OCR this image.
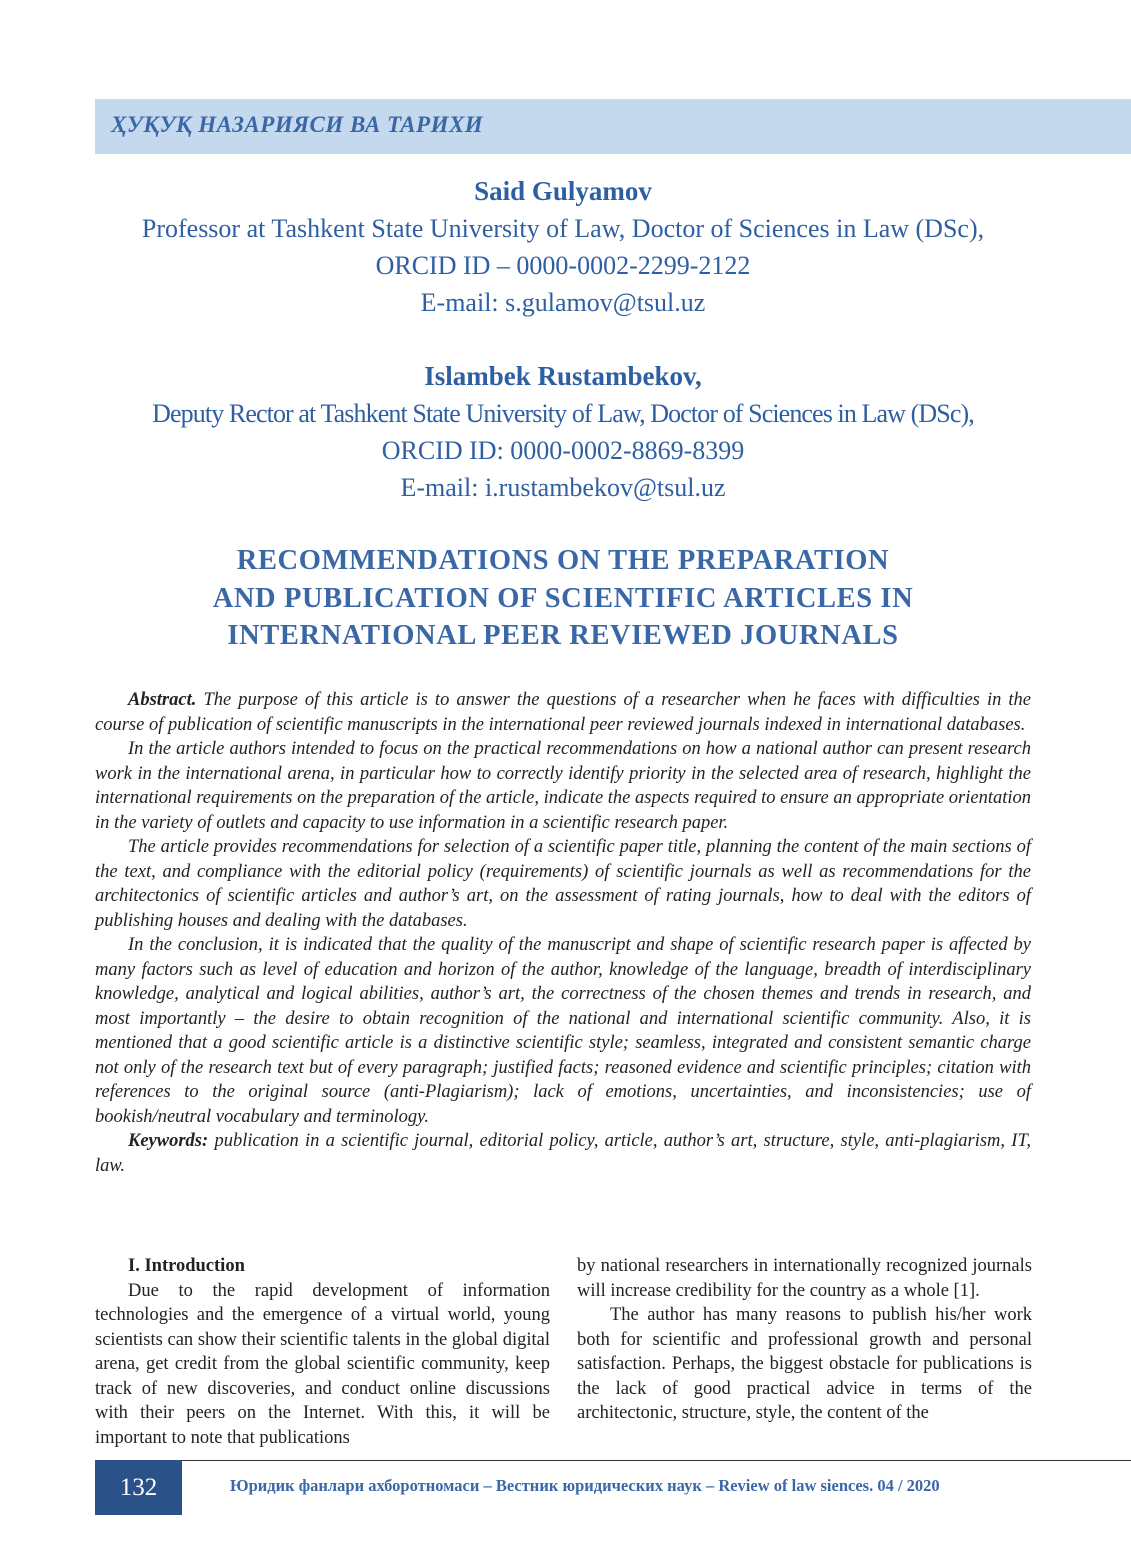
ҲУҚУҚ НАЗАРИЯСИ ВА ТАРИХИ
Said Gulyamov
Professor at Tashkent State University of Law, Doctor of Sciences in Law (DSc),
ORCID ID – 0000-0002-2299-2122
E-mail: s.gulamov@tsul.uz
Islambek Rustambekov,
Deputy Rector at Tashkent State University of Law, Doctor of Sciences in Law (DSc),
ORCID ID: 0000-0002-8869-8399
E-mail: i.rustambekov@tsul.uz
RECOMMENDATIONS ON THE PREPARATION
AND PUBLICATION OF SCIENTIFIC ARTICLES IN
INTERNATIONAL PEER REVIEWED JOURNALS

Abstract. The purpose of this article is to answer the questions of a researcher when he faces with difficulties in the course of publication of scientific manuscripts in the international peer reviewed journals indexed in international databases.

In the article authors intended to focus on the practical recommendations on how a national author can present research work in the international arena, in particular how to correctly identify priority in the selected area of research, highlight the international requirements on the preparation of the article, indicate the aspects required to ensure an appropriate orientation in the variety of outlets and capacity to use information in a scientific research paper.

The article provides recommendations for selection of a scientific paper title, planning the content of the main sections of the text, and compliance with the editorial policy (requirements) of scientific journals as well as recommendations for the architectonics of scientific articles and author’s art, on the assessment of rating journals, how to deal with the editors of publishing houses and dealing with the databases.

In the conclusion, it is indicated that the quality of the manuscript and shape of scientific research paper is affected by many factors such as level of education and horizon of the author, knowledge of the language, breadth of interdisciplinary knowledge, analytical and logical abilities, author’s art, the correctness of the chosen themes and trends in research, and most importantly – the desire to obtain recognition of the national and international scientific community. Also, it is mentioned that a good scientific article is a distinctive scientific style; seamless, integrated and consistent semantic charge not only of the research text but of every paragraph; justified facts; reasoned evidence and scientific principles; citation with references to the original source (anti-Plagiarism); lack of emotions, uncertainties, and inconsistencies; use of bookish/neutral vocabulary and terminology.

Keywords: publication in a scientific journal, editorial policy, article, author’s art, structure, style, anti-plagiarism, IT, law.

I. Introduction

Due to the rapid development of information technologies and the emergence of a virtual world, young scientists can show their scientific talents in the global digital arena, get credit from the global scientific community, keep track of new discoveries, and conduct online discussions with their peers on the Internet. With this, it will be important to note that publications

by national researchers in internationally recognized journals will increase credibility for the country as a whole [1].

The author has many reasons to publish his/her work both for scientific and professional growth and personal satisfaction. Perhaps, the biggest obstacle for publications is the lack of good practical advice in terms of the architectonic, structure, style, the content of the

132	Юридик фанлари ахборотномаси – Вестник юридических наук – Review of law siences. 04 / 2020
